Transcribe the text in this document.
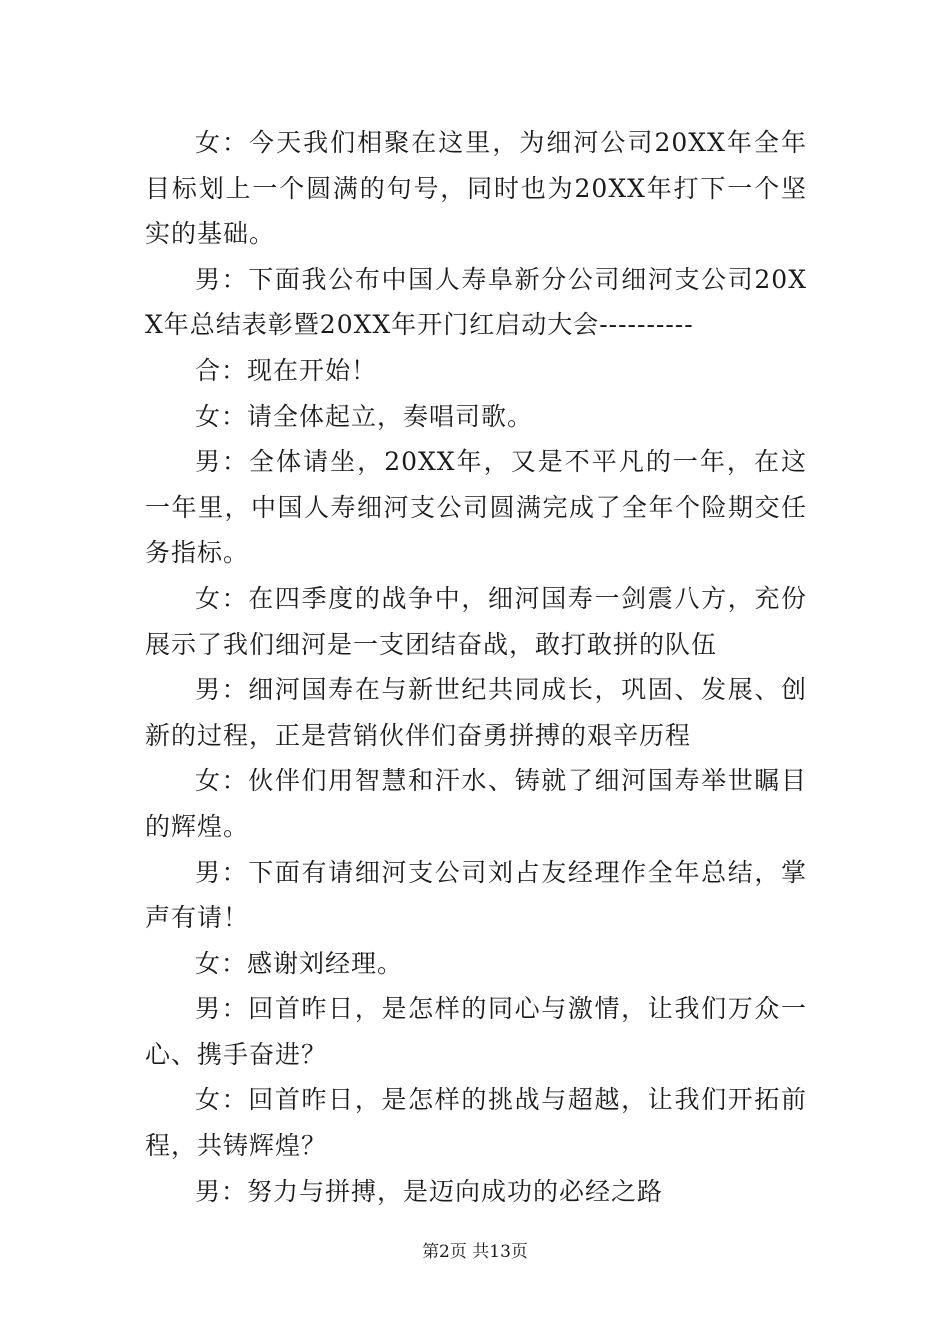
女：今天我们相聚在这里，为细河公司20XX年全年目标划上一个圆满的句号，同时也为20XX年打下一个坚实的基础。

男：下面我公布中国人寿阜新分公司细河支公司20XX年总结表彰暨20XX年开门红启动大会----------

合：现在开始！

女：请全体起立，奏唱司歌。

男：全体请坐，20XX年，又是不平凡的一年，在这一年里，中国人寿细河支公司圆满完成了全年个险期交任务指标。

女：在四季度的战争中，细河国寿一剑震八方，充份展示了我们细河是一支团结奋战，敢打敢拼的队伍

男：细河国寿在与新世纪共同成长，巩固、发展、创新的过程，正是营销伙伴们奋勇拼搏的艰辛历程

女：伙伴们用智慧和汗水、铸就了细河国寿举世瞩目的辉煌。

男：下面有请细河支公司刘占友经理作全年总结，掌声有请！

女：感谢刘经理。

男：回首昨日，是怎样的同心与激情，让我们万众一心、携手奋进？

女：回首昨日，是怎样的挑战与超越，让我们开拓前程，共铸辉煌？

男：努力与拼搏，是迈向成功的必经之路

第2页 共13页
